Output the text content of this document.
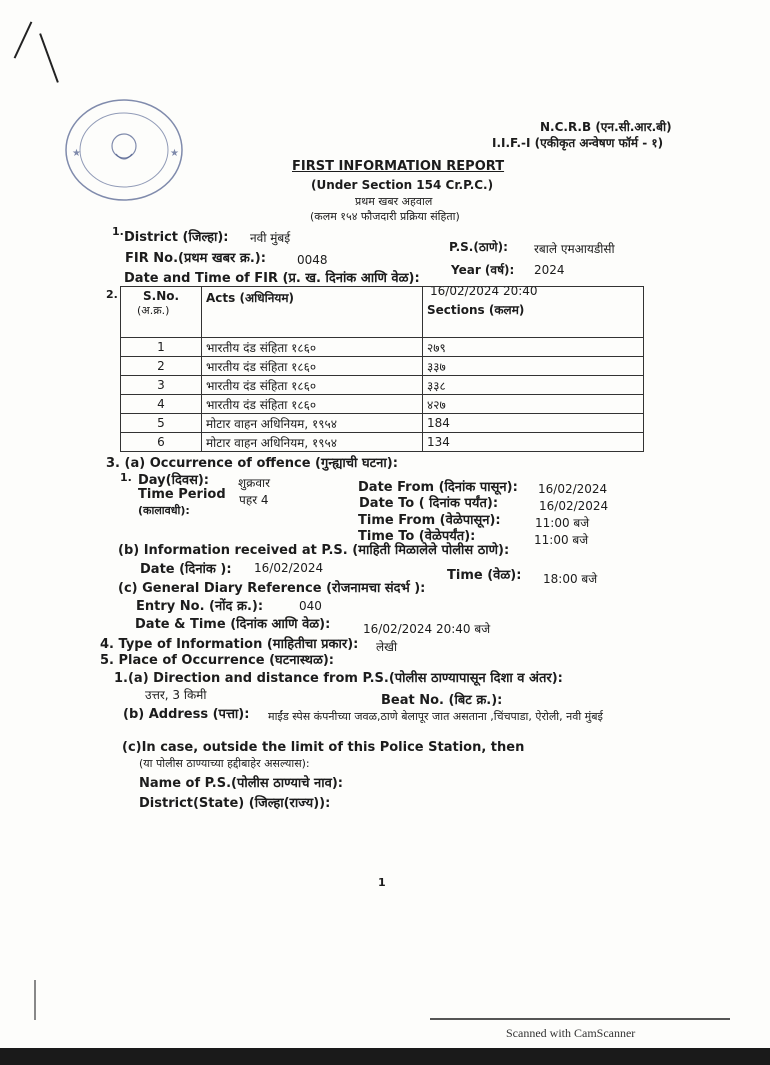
★	★
N.C.R.B (एन.सी.आर.बी)
I.I.F.-I (एकीकृत अन्वेषण फॉर्म - १)
FIRST INFORMATION REPORT
(Under Section 154 Cr.P.C.)
प्रथम खबर अहवाल
(कलम १५४ फौजदारी प्रक्रिया संहिता)
1. District (जिल्हा): नवी मुंबई
P.S.(ठाणे): रबाले एमआयडीसी
FIR No.(प्रथम खबर क्र.):	0048
Year (वर्ष): 2024
Date and Time of FIR (प्र. ख. दिनांक आणि वेळ):
16/02/2024 20:40
2.	S.No.
(अ.क्र.)	Acts (अधिनियम)	Sections (कलम)
1	भारतीय दंड संहिता १८६०	२७९
2	भारतीय दंड संहिता १८६०	३३७
3	भारतीय दंड संहिता १८६०	३३८
4	भारतीय दंड संहिता १८६०	४२७
5	मोटार वाहन अधिनियम, १९५४	184
6	मोटार वाहन अधिनियम, १९५४	134
3. (a) Occurrence of offence (गुन्ह्याची घटना):
1. Day(दिवस): शुक्रवार
Time Period पहर 4
(कालावधी):
Date From (दिनांक पासून): 16/02/2024
Date To ( दिनांक पर्यंत):	16/02/2024
Time From (वेळेपासून):	11:00 बजे
Time To (वेळेपर्यंत):	11:00 बजे
(b) Information received at P.S. (माहिती मिळालेले पोलीस ठाणे):
Date (दिनांक ): 16/02/2024	Time (वेळ): 18:00 बजे
(c) General Diary Reference (रोजनामचा संदर्भ ):
Entry No. (नोंद क्र.):	040
Date & Time (दिनांक आणि वेळ):	16/02/2024 20:40 बजे
4. Type of Information (माहितीचा प्रकार): लेखी
5. Place of Occurrence (घटनास्थळ):
1.(a) Direction and distance from P.S.(पोलीस ठाण्यापासून दिशा व अंतर):
उत्तर, 3 किमी	Beat No. (बिट क्र.):
(b) Address (पत्ता): माईंड स्पेस कंपनीच्या जवळ,ठाणे बेलापूर जात असताना ,चिंचपाडा, ऐरोली, नवी मुंबई
(c)In case, outside the limit of this Police Station, then
(या पोलीस ठाण्याच्या हद्दीबाहेर असल्यास):
Name of P.S.(पोलीस ठाण्याचे नाव):
District(State) (जिल्हा(राज्य)):
1
Scanned with CamScanner
